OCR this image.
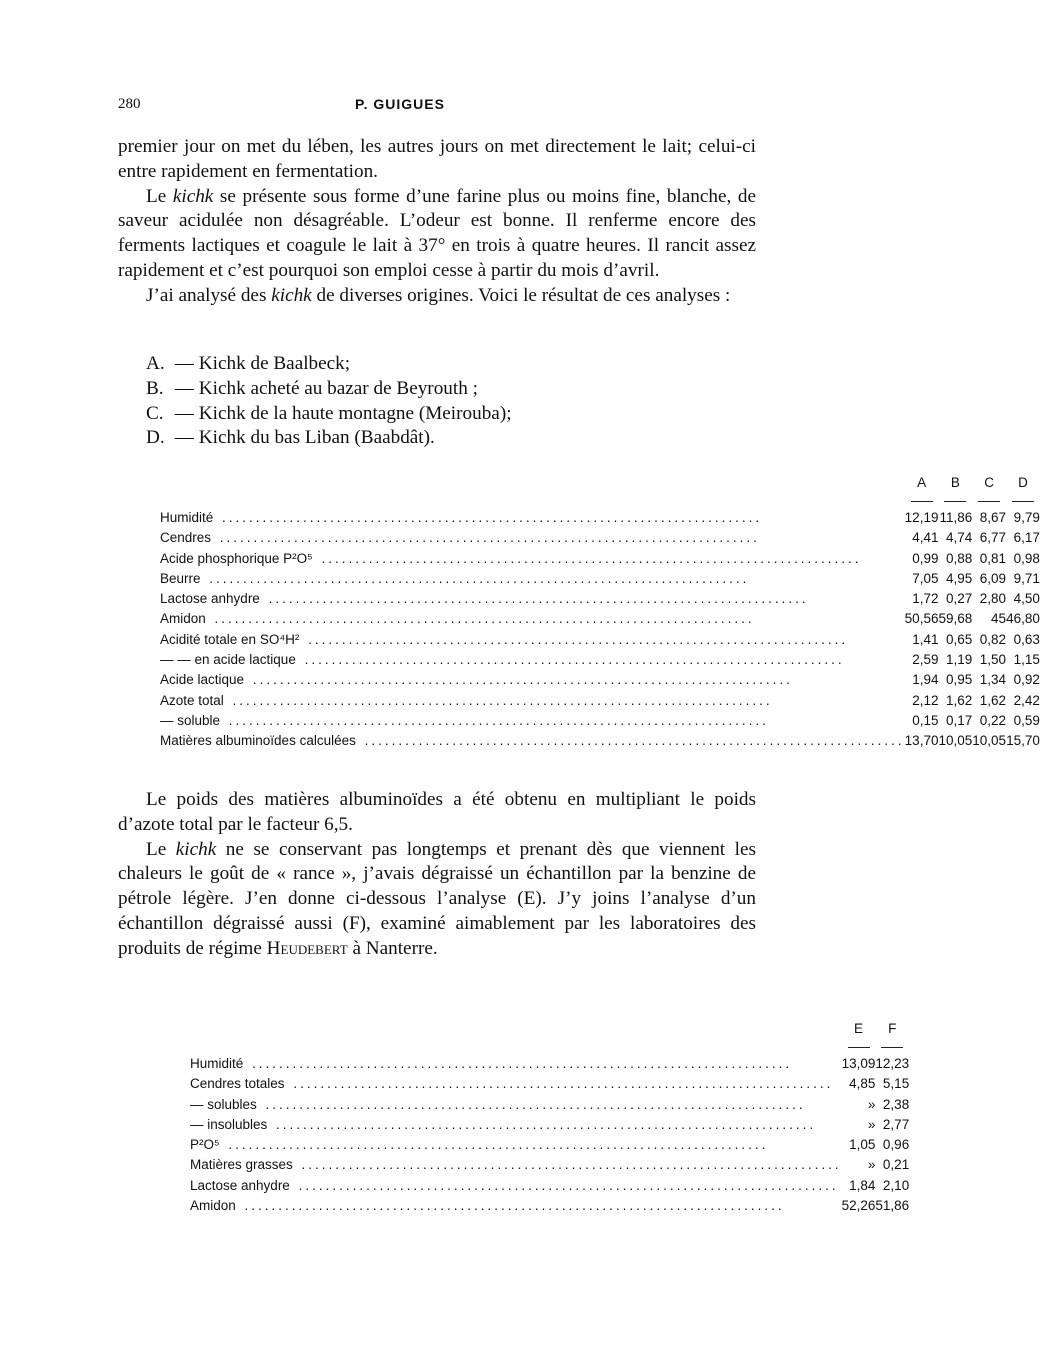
280	P. GUIGUES

premier jour on met du lében, les autres jours on met directement le lait; celui-ci entre rapidement en fermentation.

Le kichk se présente sous forme d’une farine plus ou moins fine, blanche, de saveur acidulée non désagréable. L’odeur est bonne. Il renferme encore des ferments lactiques et coagule le lait à 37° en trois à quatre heures. Il rancit assez rapidement et c’est pourquoi son emploi cesse à partir du mois d’avril.

J’ai analysé des kichk de diverses origines. Voici le résultat de ces analyses :

A. — Kichk de Baalbeck;
B. — Kichk acheté au bazar de Beyrouth ;
C. — Kichk de la haute montagne (Meirouba);
D. — Kichk du bas Liban (Baabdât).
	A	B	C	D

Humidité ................................................................................	12,19	11,86	8,67	9,79
Cendres ................................................................................	4,41	4,74	6,77	6,17
Acide phosphorique P²O⁵ ................................................................................	0,99	0,88	0,81	0,98
Beurre ................................................................................	7,05	4,95	6,09	9,71
Lactose anhydre ................................................................................	1,72	0,27	2,80	4,50
Amidon ................................................................................	50,56	59,68	45	46,80
Acidité totale en SO⁴H² ................................................................................	1,41	0,65	0,82	0,63
— — en acide lactique ................................................................................	2,59	1,19	1,50	1,15
Acide lactique ................................................................................	1,94	0,95	1,34	0,92
Azote total ................................................................................	2,12	1,62	1,62	2,42
— soluble ................................................................................	0,15	0,17	0,22	0,59
Matières albuminoïdes calculées ................................................................................	13,70	10,05	10,05	15,70

Le poids des matières albuminoïdes a été obtenu en multipliant le poids d’azote total par le facteur 6,5.

Le kichk ne se conservant pas longtemps et prenant dès que viennent les chaleurs le goût de « rance », j’avais dégraissé un échantillon par la benzine de pétrole légère. J’en donne ci-dessous l’analyse (E). J’y joins l’analyse d’un échantillon dégraissé aussi (F), examiné aimablement par les laboratoires des produits de régime Heudebert à Nanterre.

	E	F

Humidité ................................................................................	13,09	12,23
Cendres totales ................................................................................	4,85	5,15
— solubles ................................................................................	»	2,38
— insolubles ................................................................................	»	2,77
P²O⁵ ................................................................................	1,05	0,96
Matières grasses ................................................................................	»	0,21
Lactose anhydre ................................................................................	1,84	2,10
Amidon ................................................................................	52,26	51,86
